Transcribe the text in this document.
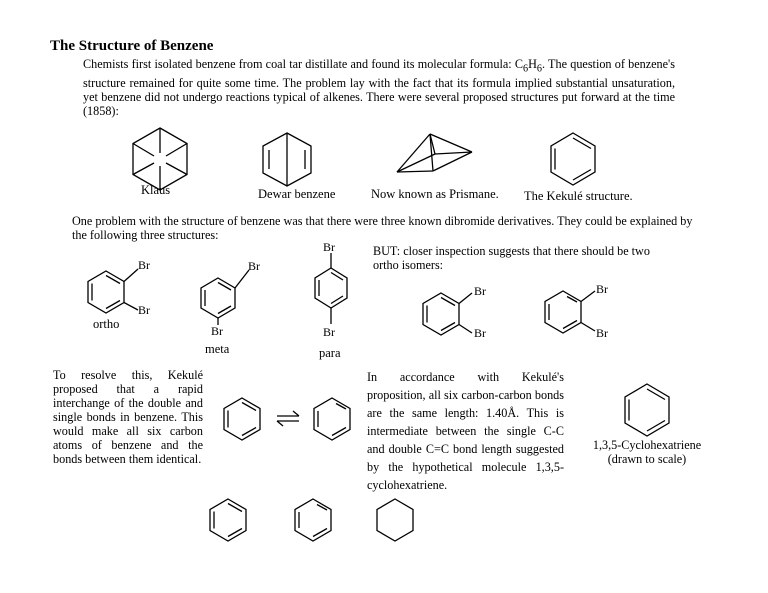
The Structure of Benzene
Chemists first isolated benzene from coal tar distillate and found its molecular formula: $C_6H_6$. The question of benzene's structure remained for quite some time. The problem lay with the fact that its formula implied substantial unsaturation, yet benzene did not undergo reactions typical of alkenes. There were several proposed structures put forward at the time (1858):
Klaus	Dewar benzene	Now known as Prismane. The Kekulé structure.
One problem with the structure of benzene was that there were three known dibromide derivatives. They could be explained by the following three structures:
Br
Br
ortho
Br
Br
meta
Br
Br
para
BUT: closer inspection suggests that there should be two ortho isomers:
Br
Br
Br
Br
To resolve this, Kekulé proposed that a rapid interchange of the double and single bonds in benzene. This would make all six carbon atoms of benzene and the bonds between them identical.
In accordance with Kekulé's proposition, all six carbon-carbon bonds are the same length: 1.40Å. This is intermediate between the single C-C and double C=C bond length suggested by the hypothetical molecule 1,3,5-cyclohexatriene.
1,3,5-Cyclohexatriene
(drawn to scale)
